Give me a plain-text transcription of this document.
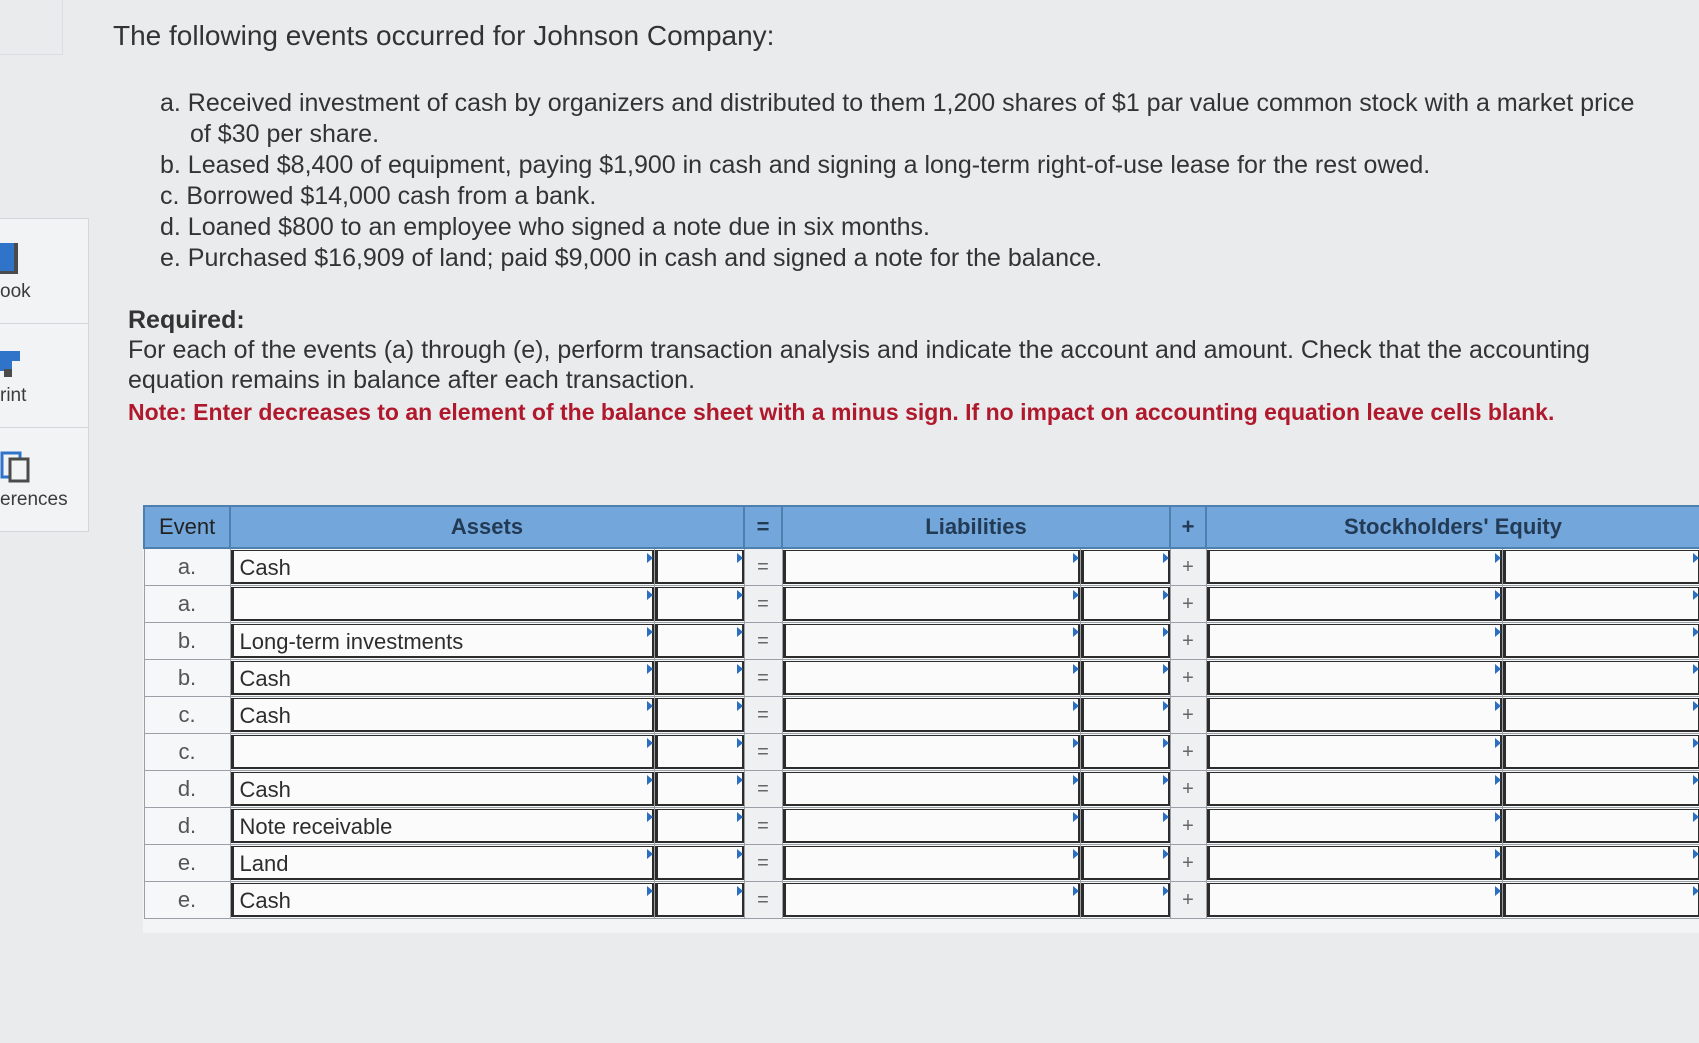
ook
rint
erences
The following events occurred for Johnson Company:
a. Received investment of cash by organizers and distributed to them 1,200 shares of $1 par value common stock with a market price of $30 per share.
b. Leased $8,400 of equipment, paying $1,900 in cash and signing a long-term right-of-use lease for the rest owed.
c. Borrowed $14,000 cash from a bank.
d. Loaned $800 to an employee who signed a note due in six months.
e. Purchased $16,909 of land; paid $9,000 in cash and signed a note for the balance.
Required:
For each of the events (a) through (e), perform transaction analysis and indicate the account and amount. Check that the accounting equation remains in balance after each transaction.
Note: Enter decreases to an element of the balance sheet with a minus sign. If no impact on accounting equation leave cells blank.
Event	Assets		=	Liabilities		+	Stockholders' Equity	
a.	Cash		=			+	

a.			=			+	

b.	Long-term investments		=			+	

b.	Cash		=			+	

c.	Cash		=			+	

c.			=			+	

d.	Cash		=			+	

d.	Note receivable		=			+	

e.	Land		=			+	

e.	Cash		=			+	
